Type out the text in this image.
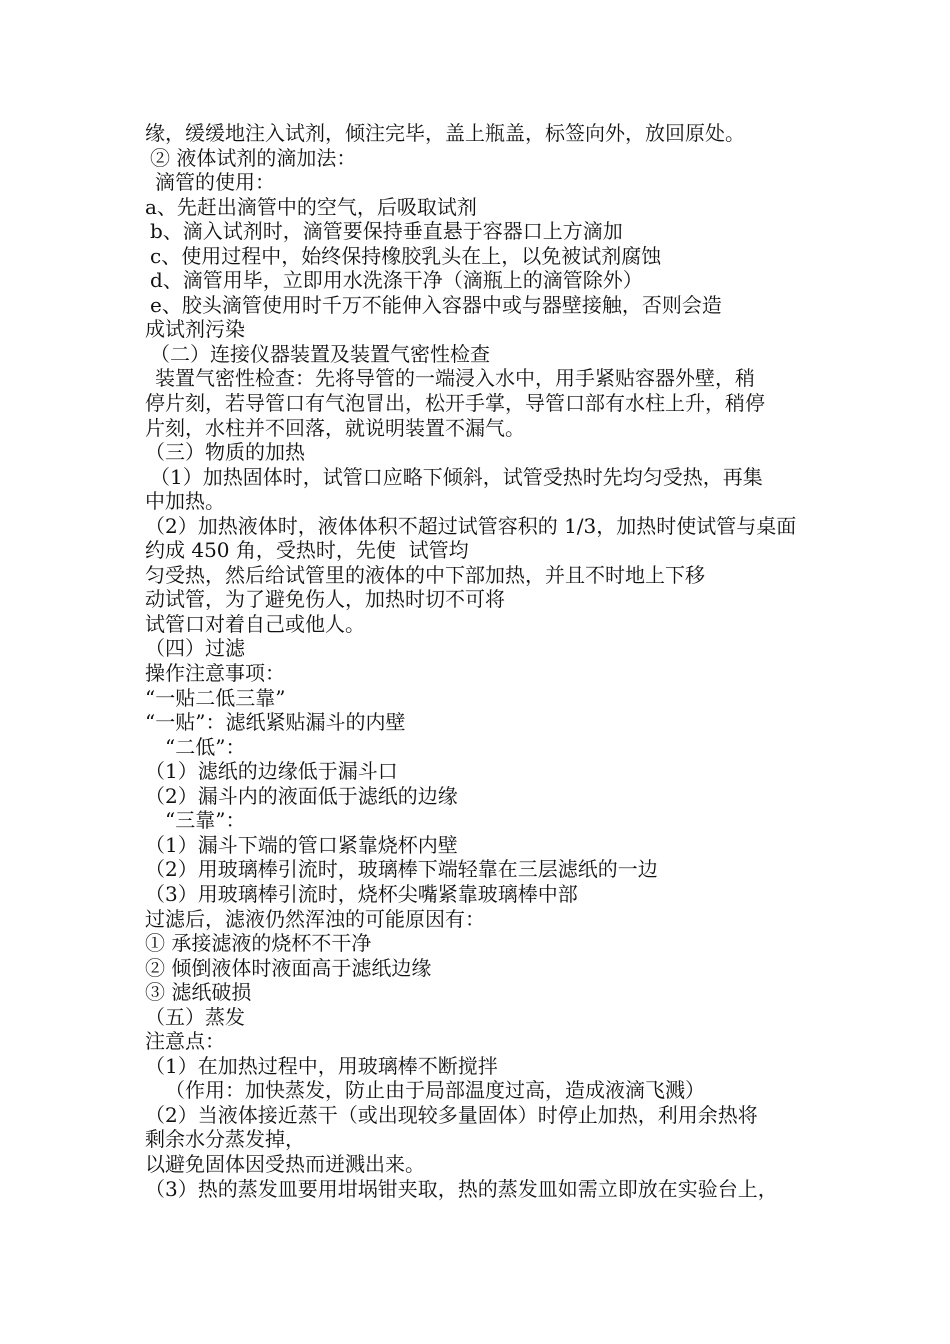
缘，缓缓地注入试剂，倾注完毕，盖上瓶盖，标签向外，放回原处。
② 液体试剂的滴加法：
滴管的使用：
a、先赶出滴管中的空气，后吸取试剂
b、滴入试剂时，滴管要保持垂直悬于容器口上方滴加
c、使用过程中，始终保持橡胶乳头在上，以免被试剂腐蚀
d、滴管用毕，立即用水洗涤干净（滴瓶上的滴管除外）
e、胶头滴管使用时千万不能伸入容器中或与器壁接触，否则会造
成试剂污染
（二）连接仪器装置及装置气密性检查
装置气密性检查：先将导管的一端浸入水中，用手紧贴容器外壁，稍
停片刻，若导管口有气泡冒出，松开手掌，导管口部有水柱上升，稍停
片刻，水柱并不回落，就说明装置不漏气。
（三）物质的加热
（1）加热固体时，试管口应略下倾斜，试管受热时先均匀受热，再集
中加热。
（2）加热液体时，液体体积不超过试管容积的 1/3，加热时使试管与桌面
约成 450 角，受热时，先使  试管均
匀受热，然后给试管里的液体的中下部加热，并且不时地上下移
动试管，为了避免伤人，加热时切不可将
试管口对着自己或他人。
（四）过滤
操作注意事项：
“一贴二低三靠”
“一贴”：滤纸紧贴漏斗的内壁
“二低”：
（1）滤纸的边缘低于漏斗口
（2）漏斗内的液面低于滤纸的边缘
“三靠”：
（1）漏斗下端的管口紧靠烧杯内壁
（2）用玻璃棒引流时，玻璃棒下端轻靠在三层滤纸的一边
（3）用玻璃棒引流时，烧杯尖嘴紧靠玻璃棒中部
过滤后，滤液仍然浑浊的可能原因有：
① 承接滤液的烧杯不干净
② 倾倒液体时液面高于滤纸边缘
③ 滤纸破损
（五）蒸发
注意点：
（1）在加热过程中，用玻璃棒不断搅拌
（作用：加快蒸发，防止由于局部温度过高，造成液滴飞溅）
（2）当液体接近蒸干（或出现较多量固体）时停止加热，利用余热将
剩余水分蒸发掉，
以避免固体因受热而迸溅出来。
（3）热的蒸发皿要用坩埚钳夹取，热的蒸发皿如需立即放在实验台上，
